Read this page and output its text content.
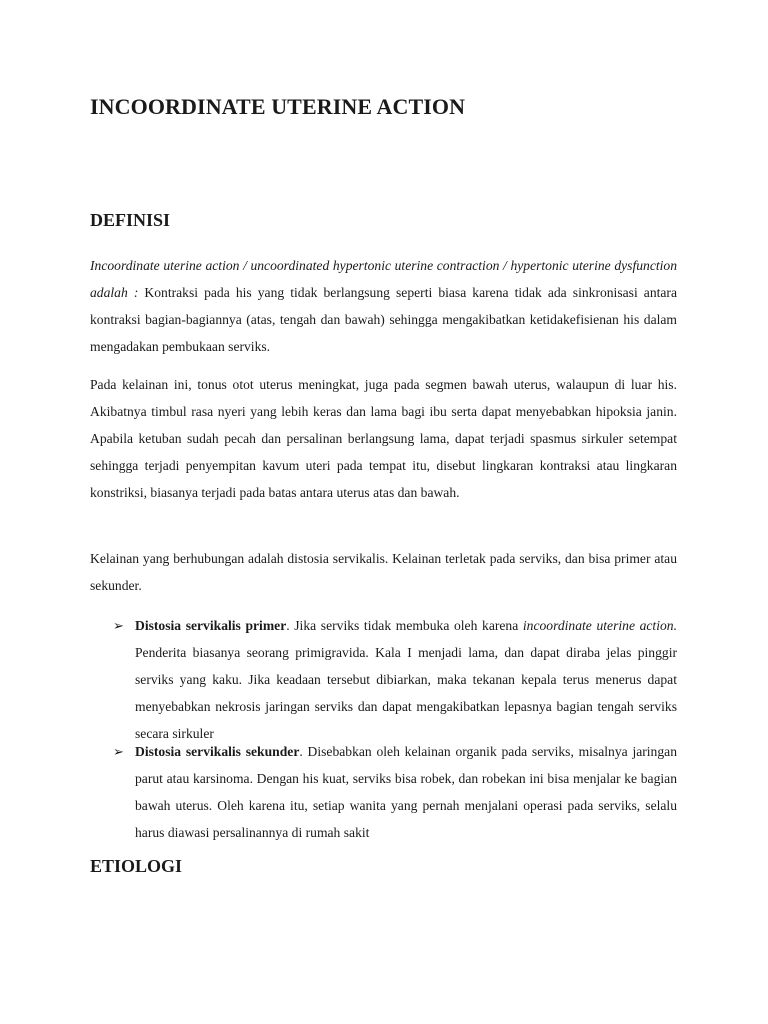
INCOORDINATE UTERINE ACTION
DEFINISI

Incoordinate uterine action / uncoordinated hypertonic uterine contraction / hypertonic uterine dysfunction adalah : Kontraksi pada his yang tidak berlangsung seperti biasa karena tidak ada sinkronisasi antara kontraksi bagian-bagiannya (atas, tengah dan bawah) sehingga mengakibatkan ketidakefisienan his dalam mengadakan pembukaan serviks.

Pada kelainan ini, tonus otot uterus meningkat, juga pada segmen bawah uterus, walaupun di luar his. Akibatnya timbul rasa nyeri yang lebih keras dan lama bagi ibu serta dapat menyebabkan hipoksia janin. Apabila ketuban sudah pecah dan persalinan berlangsung lama, dapat terjadi spasmus sirkuler setempat sehingga terjadi penyempitan kavum uteri pada tempat itu, disebut lingkaran kontraksi atau lingkaran konstriksi, biasanya terjadi pada batas antara uterus atas dan bawah.

Kelainan yang berhubungan adalah distosia servikalis. Kelainan terletak pada serviks, dan bisa primer atau sekunder.

➢ Distosia servikalis primer. Jika serviks tidak membuka oleh karena incoordinate uterine action. Penderita biasanya seorang primigravida. Kala I menjadi lama, dan dapat diraba jelas pinggir serviks yang kaku. Jika keadaan tersebut dibiarkan, maka tekanan kepala terus menerus dapat menyebabkan nekrosis jaringan serviks dan dapat mengakibatkan lepasnya bagian tengah serviks secara sirkuler
➢ Distosia servikalis sekunder. Disebabkan oleh kelainan organik pada serviks, misalnya jaringan parut atau karsinoma. Dengan his kuat, serviks bisa robek, dan robekan ini bisa menjalar ke bagian bawah uterus. Oleh karena itu, setiap wanita yang pernah menjalani operasi pada serviks, selalu harus diawasi persalinannya di rumah sakit
ETIOLOGI
